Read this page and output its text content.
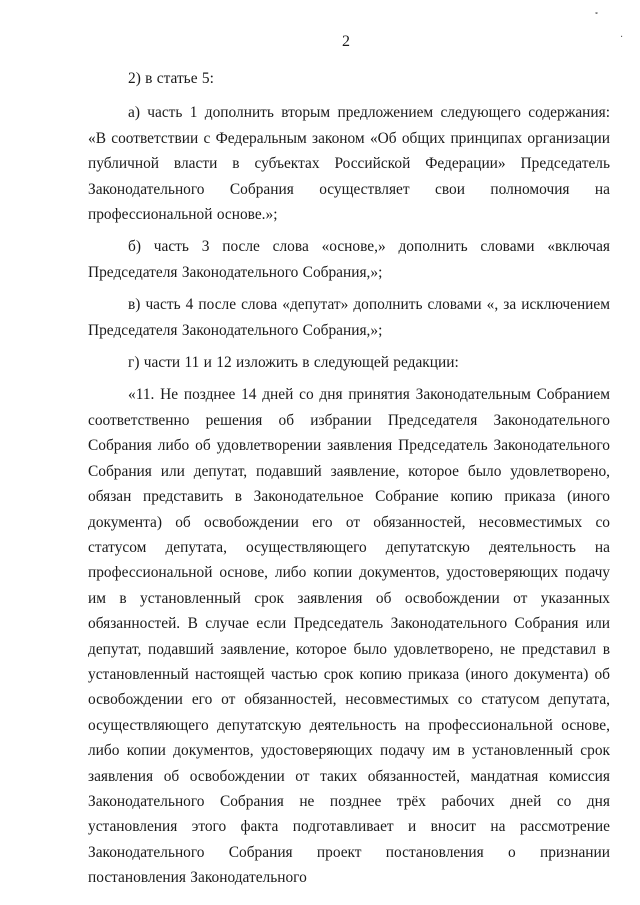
2
˟
·

2) в статье 5:

а) часть 1 дополнить вторым предложением следующего содержания:

«В соответствии с Федеральным законом «Об общих принципах организации публичной власти в субъектах Российской Федерации» Председатель Законодательного Собрания осуществляет свои полномочия на профессиональной основе.»;

б) часть 3 после слова «основе,» дополнить словами «включая Председателя Законодательного Собрания,»;

в) часть 4 после слова «депутат» дополнить словами «, за исключением Председателя Законодательного Собрания,»;

г) части 11 и 12 изложить в следующей редакции:

«11. Не позднее 14 дней со дня принятия Законодательным Собранием соответственно решения об избрании Председателя Законодательного Собрания либо об удовлетворении заявления Председатель Законодательного Собрания или депутат, подавший заявление, которое было удовлетворено, обязан представить в Законодательное Собрание копию приказа (иного документа) об освобождении его от обязанностей, несовместимых со статусом депутата, осуществляющего депутатскую деятельность на профессиональной основе, либо копии документов, удостоверяющих подачу им в установленный срок заявления об освобождении от указанных обязанностей. В случае если Председатель Законодательного Собрания или депутат, подавший заявление, которое было удовлетворено, не представил в установленный настоящей частью срок копию приказа (иного документа) об освобождении его от обязанностей, несовместимых со статусом депутата, осуществляющего депутатскую деятельность на профессиональной основе, либо копии документов, удостоверяющих подачу им в установленный срок заявления об освобождении от таких обязанностей, мандатная комиссия Законодательного Собрания не позднее трёх рабочих дней со дня установления этого факта подготавливает и вносит на рассмотрение Законодательного Собрания проект постановления о признании постановления Законодательного
